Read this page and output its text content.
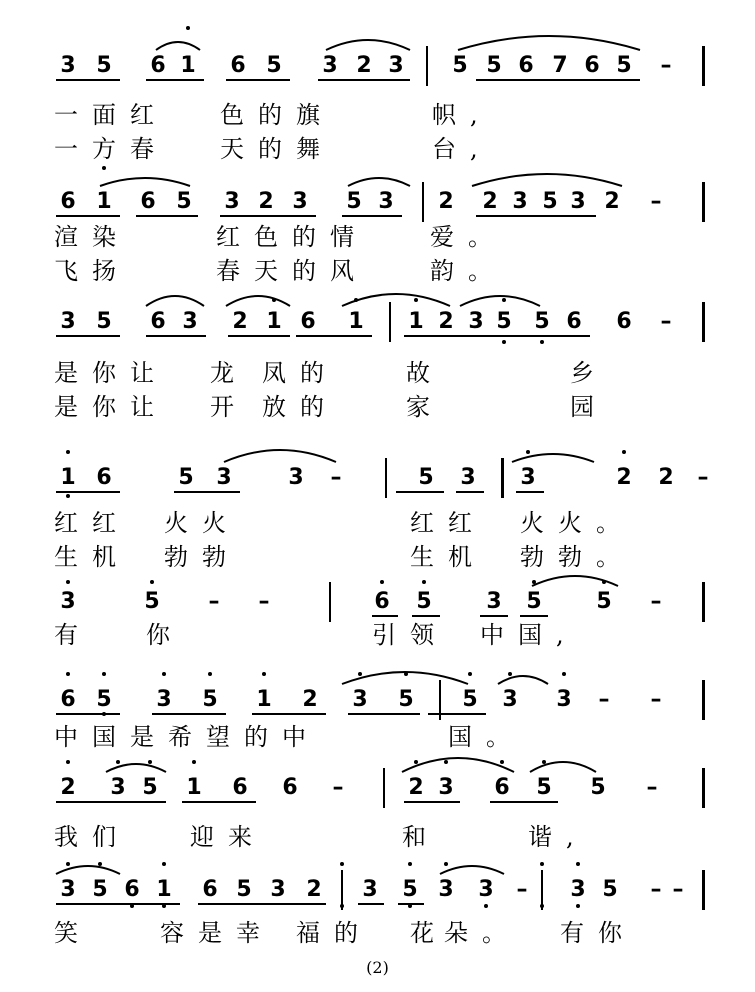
3 5 6 1 6 5 3 2 3 5 5 6 7 6 5 –
一面红 色的旗	帜,
一方春 天的舞	台,
6 1 6 5 3 2 3 5 3 2 2 3 5 3 2 –
渲染	红色的情	爱。
飞扬	春天的风	韵。
3 5 6 3 2 1 6 1 1 2 3 5 5 6 6 –
是你让 龙 凤的	故	乡
是你让 开 放的	家	园
1 6	5 3	3 –	5 3 3	2 2 –
红红 火火	红红 火火。
生机 勃勃	生机 勃勃。
3	5 – –	6 5 3 5 5 –
有 你	引领 中国,
6 5 3 5 1 2 3 5 5 3 3 – –
中国是希望的中	国。
2 3 5 1 6 6 –	2 3 6 5 5 –
我们	迎来	和	谐,
3 5 6 1 6 5 3 2 3 5 3 3 – 3 5 – –
笑	容是幸 福的 花
朵。 有你
(2)
